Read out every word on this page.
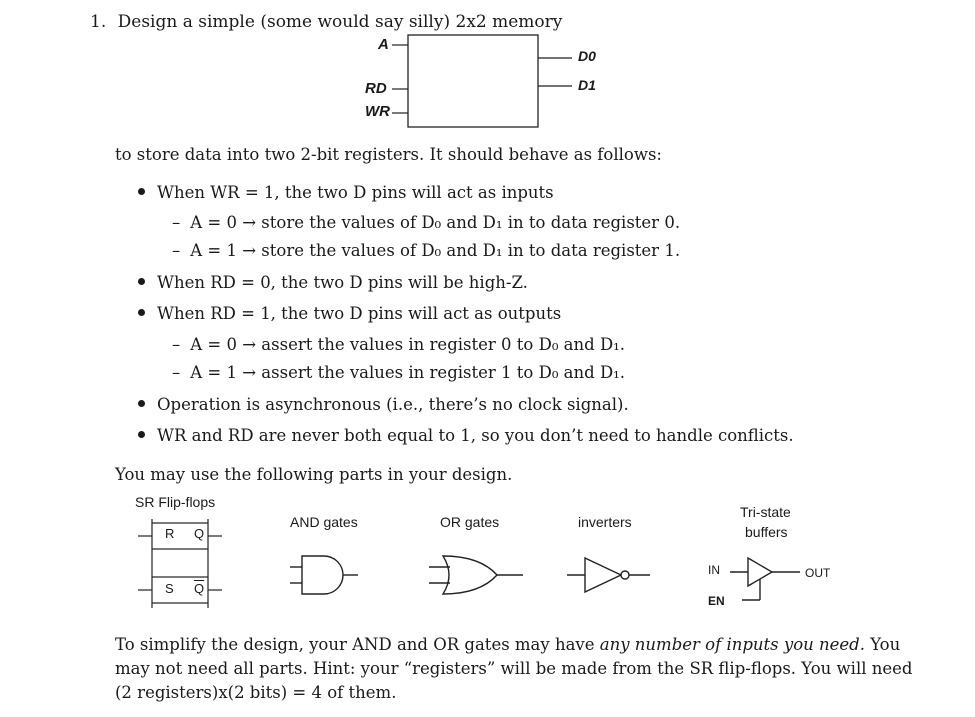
1. Design a simple (some would say silly) 2x2 memory
A
RD
WR
D0
D1
to store data into two 2-bit registers. It should behave as follows:
When WR = 1, the two D pins will act as inputs
– A = 0 → store the values of D₀ and D₁ in to data register 0.
– A = 1 → store the values of D₀ and D₁ in to data register 1.
When RD = 0, the two D pins will be high-Z.
When RD = 1, the two D pins will act as outputs
– A = 0 → assert the values in register 0 to D₀ and D₁.
– A = 1 → assert the values in register 1 to D₀ and D₁.
Operation is asynchronous (i.e., there’s no clock signal).
WR and RD are never both equal to 1, so you don’t need to handle conflicts.
You may use the following parts in your design.
SR Flip-flops
AND gates	OR gates	inverters
Tri-state
buffers
R Q
S $\overline{Q}$
IN	OUT
EN
To simplify the design, your AND and OR gates may have any number of inputs you need. You may not need all parts. Hint: your “registers” will be made from the SR flip-flops. You will need (2 registers)x(2 bits) = 4 of them.
